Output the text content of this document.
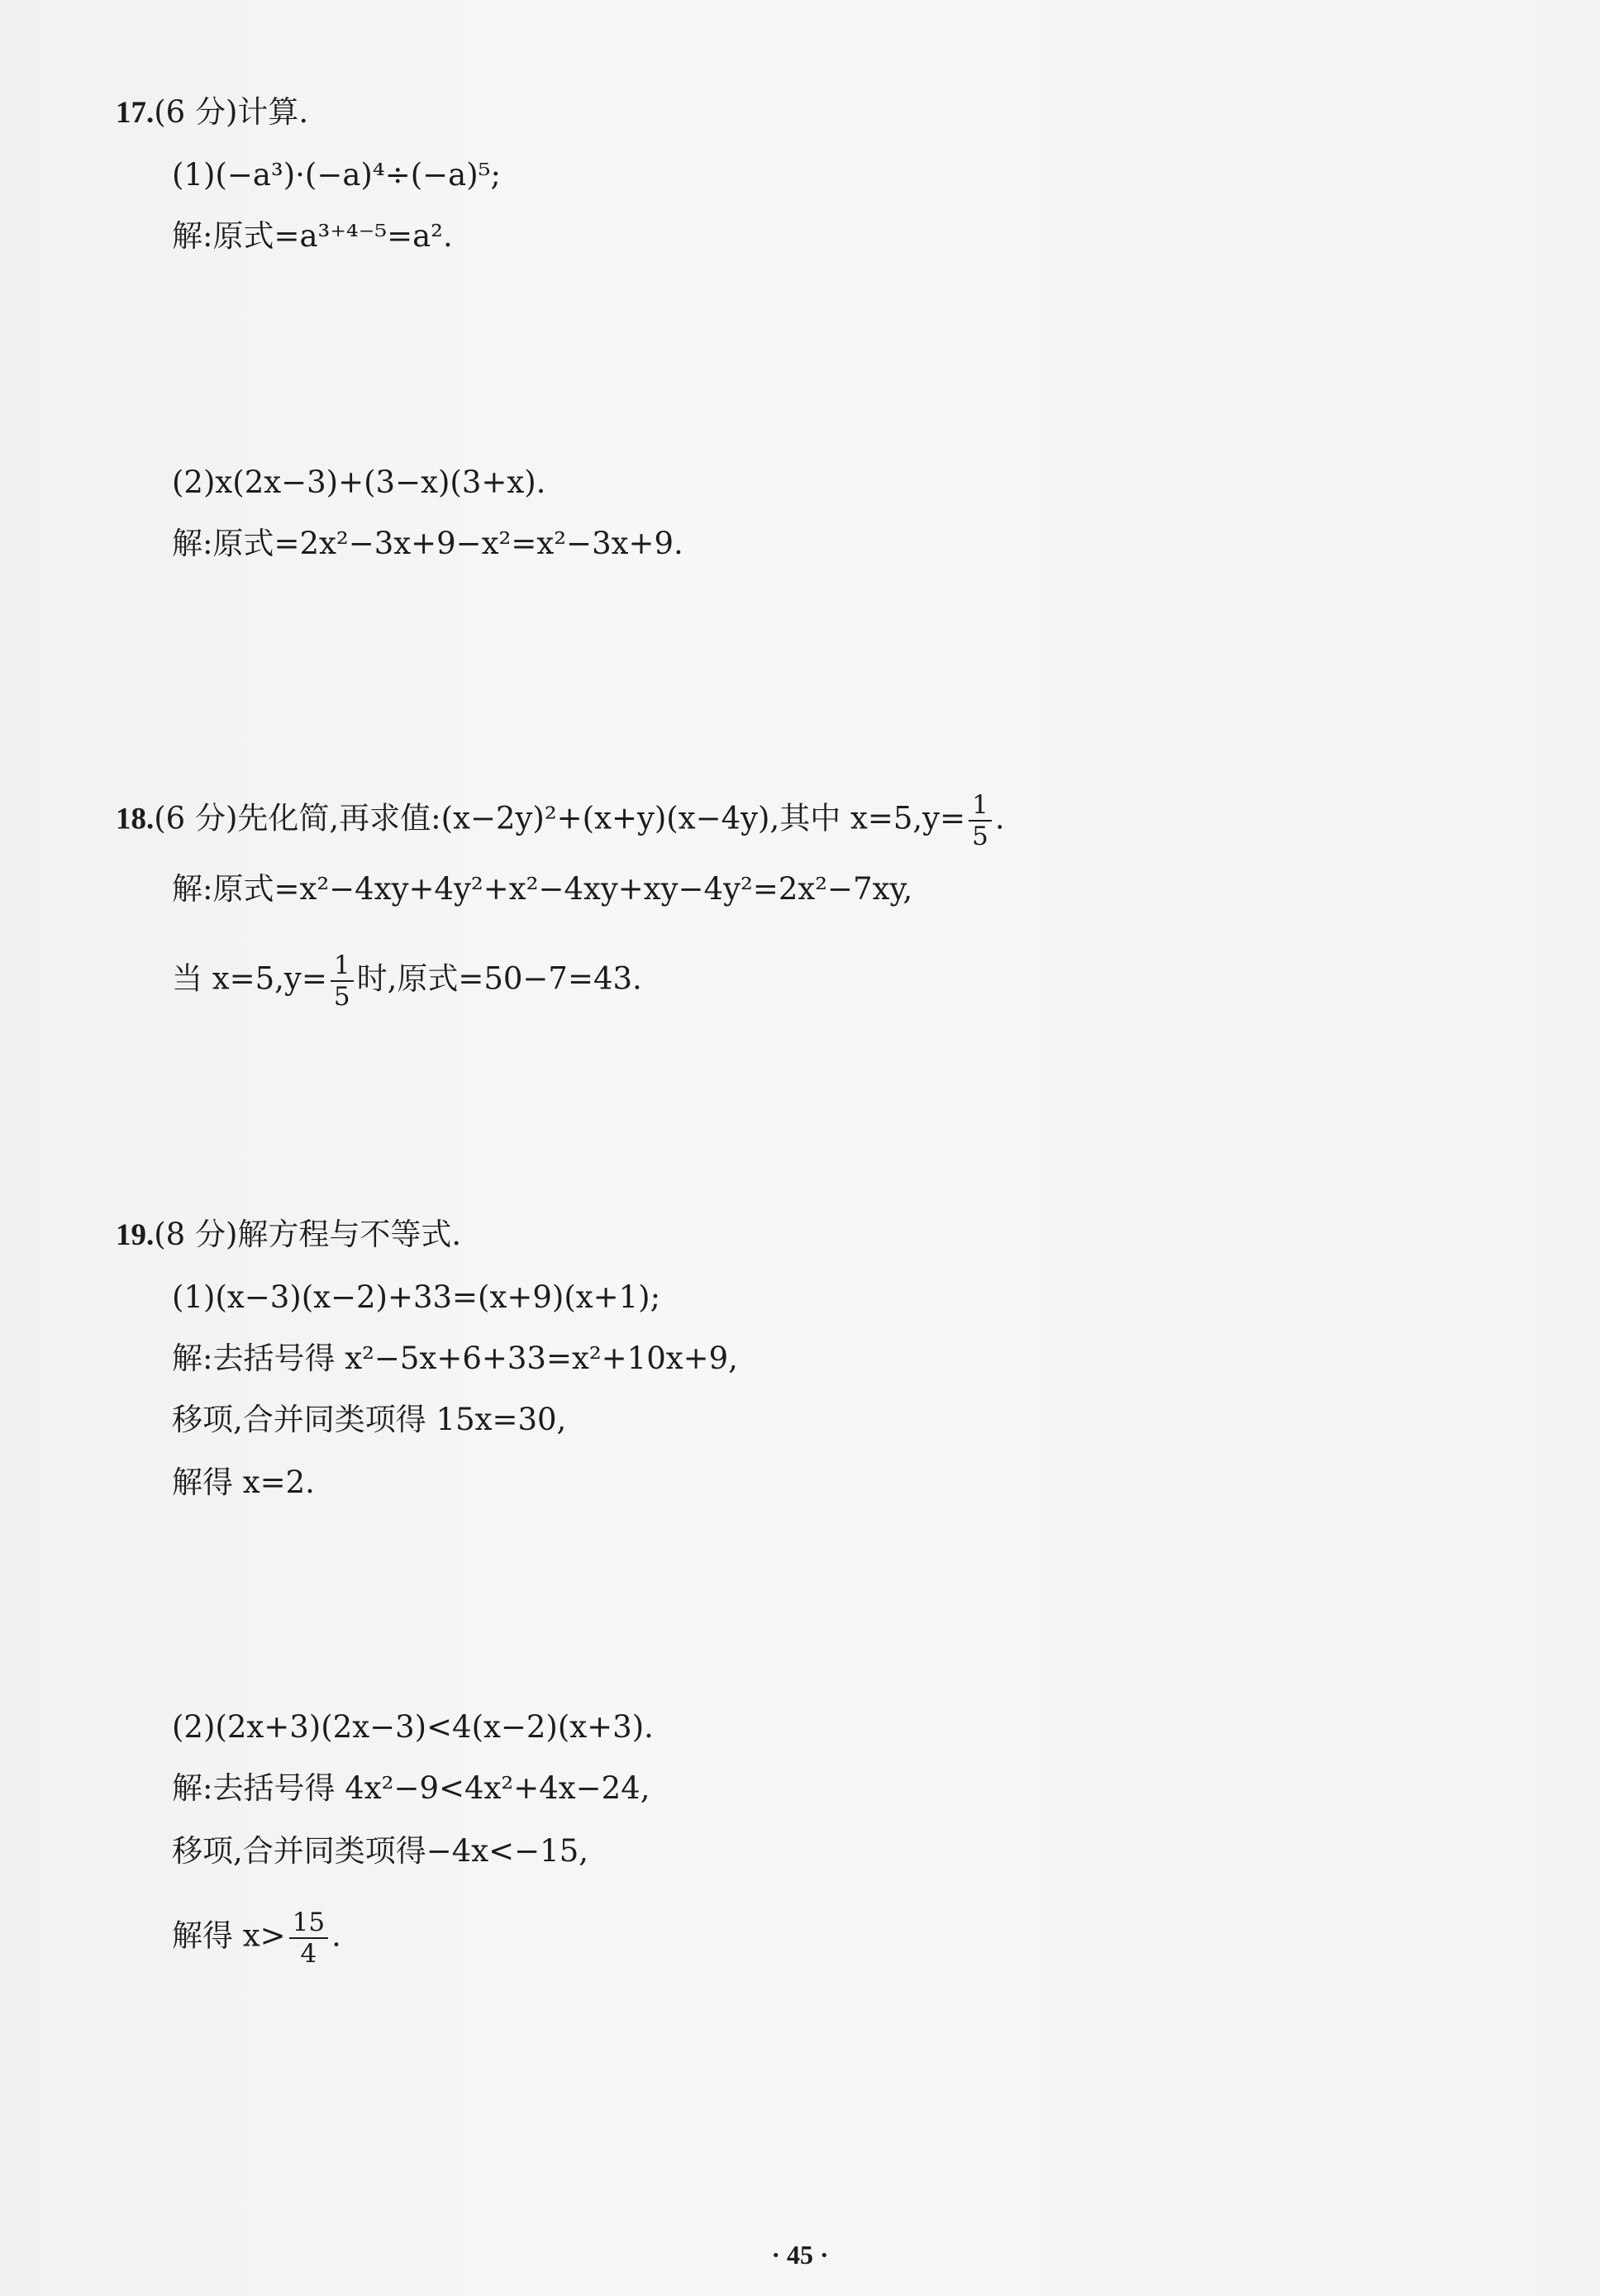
17.(6 分)计算.
(1)(−a³)·(−a)⁴÷(−a)⁵;
解:原式=a³⁺⁴⁻⁵=a².
(2)x(2x−3)+(3−x)(3+x).
解:原式=2x²−3x+9−x²=x²−3x+9.
18.(6 分)先化简,再求值:(x−2y)²+(x+y)(x−4y),其中 $x=5,y= \frac{1}{5}$ .
解:原式=x²−4xy+4y²+x²−4xy+xy−4y²=2x²−7xy,
当 $x=5,y= \frac{1}{5}$ 时,原式=50−7=43.
19.(8 分)解方程与不等式.
(1)(x−3)(x−2)+33=(x+9)(x+1);
解:去括号得 x²−5x+6+33=x²+10x+9,
移项,合并同类项得 15x=30,
解得 x=2.
(2)(2x+3)(2x−3)<4(x−2)(x+3).
解:去括号得 4x²−9<4x²+4x−24,
移项,合并同类项得−4x<−15,
解得 $x> \frac{15}{4}$ .
· 45 ·
